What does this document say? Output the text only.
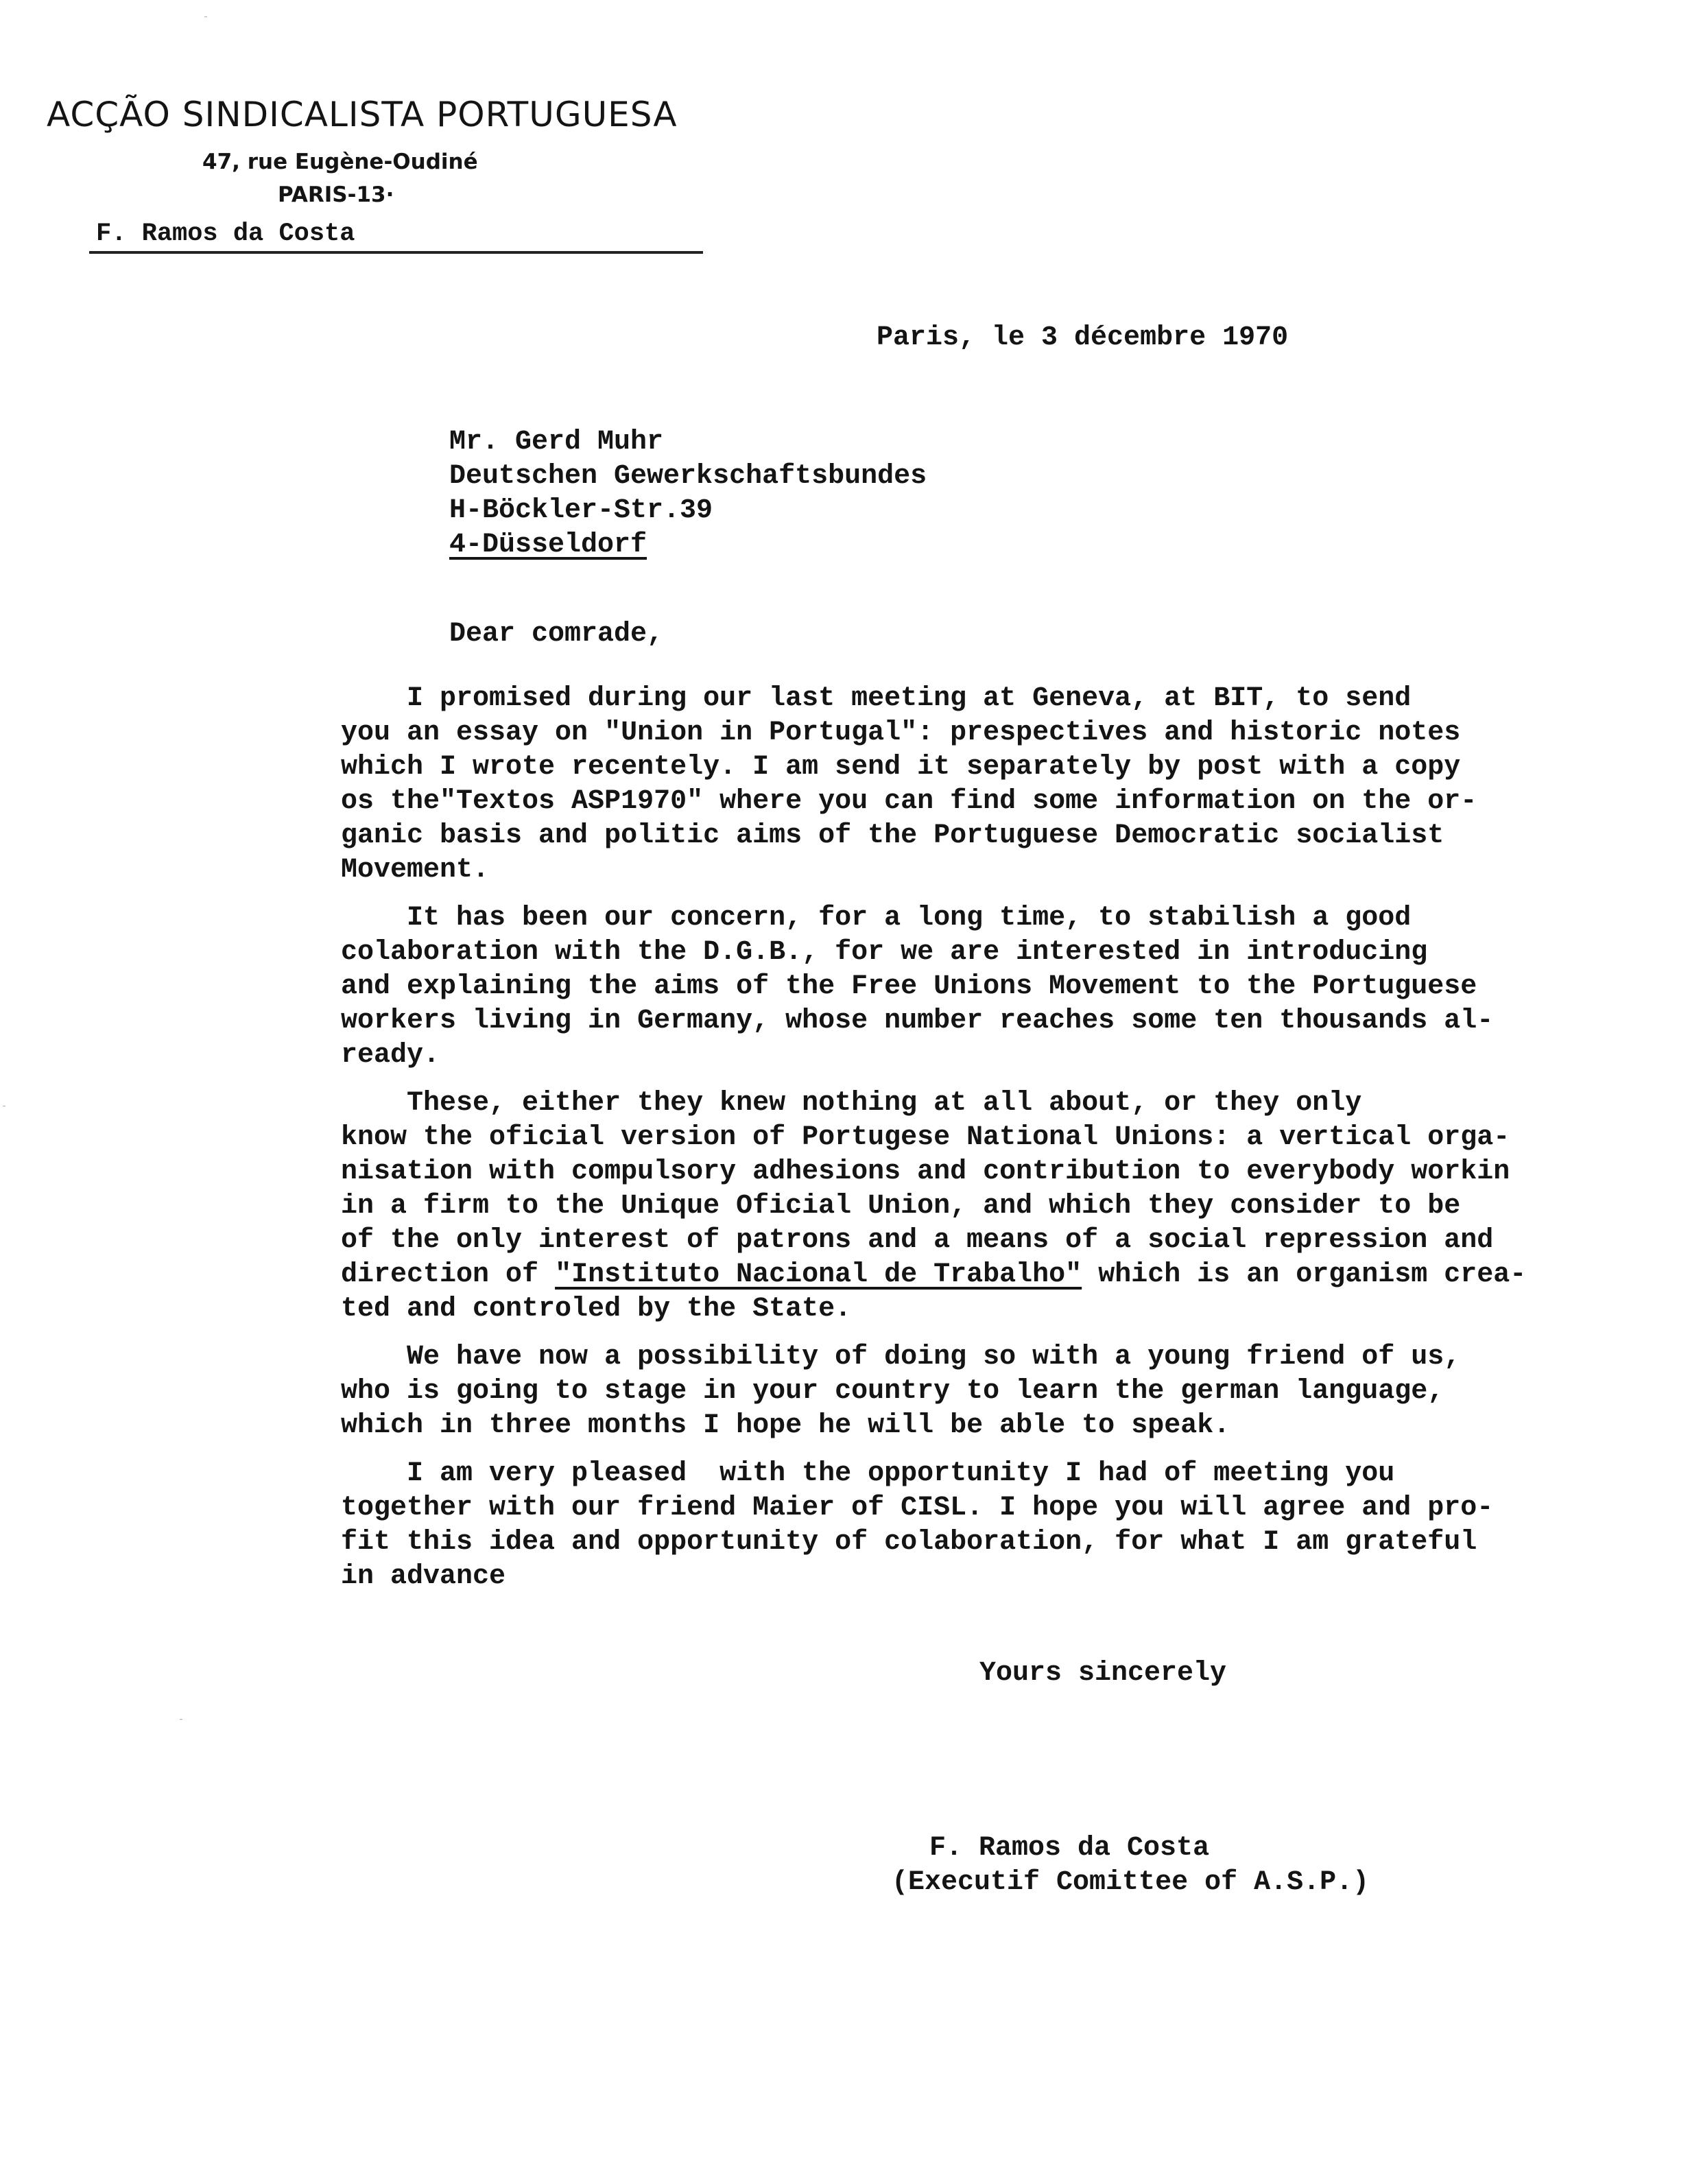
ACÇÃO SINDICALISTA PORTUGUESA
47, rue Eugène-Oudiné
PARIS-13·
F. Ramos da Costa
Paris, le 3 décembre 1970
Mr. Gerd Muhr
Deutschen Gewerkschaftsbundes
H-Böckler-Str.39
4-Düsseldorf
Dear comrade,
I promised during our last meeting at Geneva, at BIT, to send
you an essay on "Union in Portugal": prespectives and historic notes
which I wrote recentely. I am send it separately by post with a copy
os the"Textos ASP1970" where you can find some information on the or-
ganic basis and politic aims of the Portuguese Democratic socialist
Movement.
It has been our concern, for a long time, to stabilish a good
colaboration with the D.G.B., for we are interested in introducing
and explaining the aims of the Free Unions Movement to the Portuguese
workers living in Germany, whose number reaches some ten thousands al-
ready.
These, either they knew nothing at all about, or they only
know the oficial version of Portugese National Unions: a vertical orga-
nisation with compulsory adhesions and contribution to everybody workin
in a firm to the Unique Oficial Union, and which they consider to be
of the only interest of patrons and a means of a social repression and
direction of "Instituto Nacional de Trabalho" which is an organism crea-
ted and controled by the State.
We have now a possibility of doing so with a young friend of us,
who is going to stage in your country to learn the german language,
which in three months I hope he will be able to speak.
I am very pleased  with the opportunity I had of meeting you
together with our friend Maier of CISL. I hope you will agree and pro-
fit this idea and opportunity of colaboration, for what I am grateful
in advance
Yours sincerely
F. Ramos da Costa
(Executif Comittee of A.S.P.)
